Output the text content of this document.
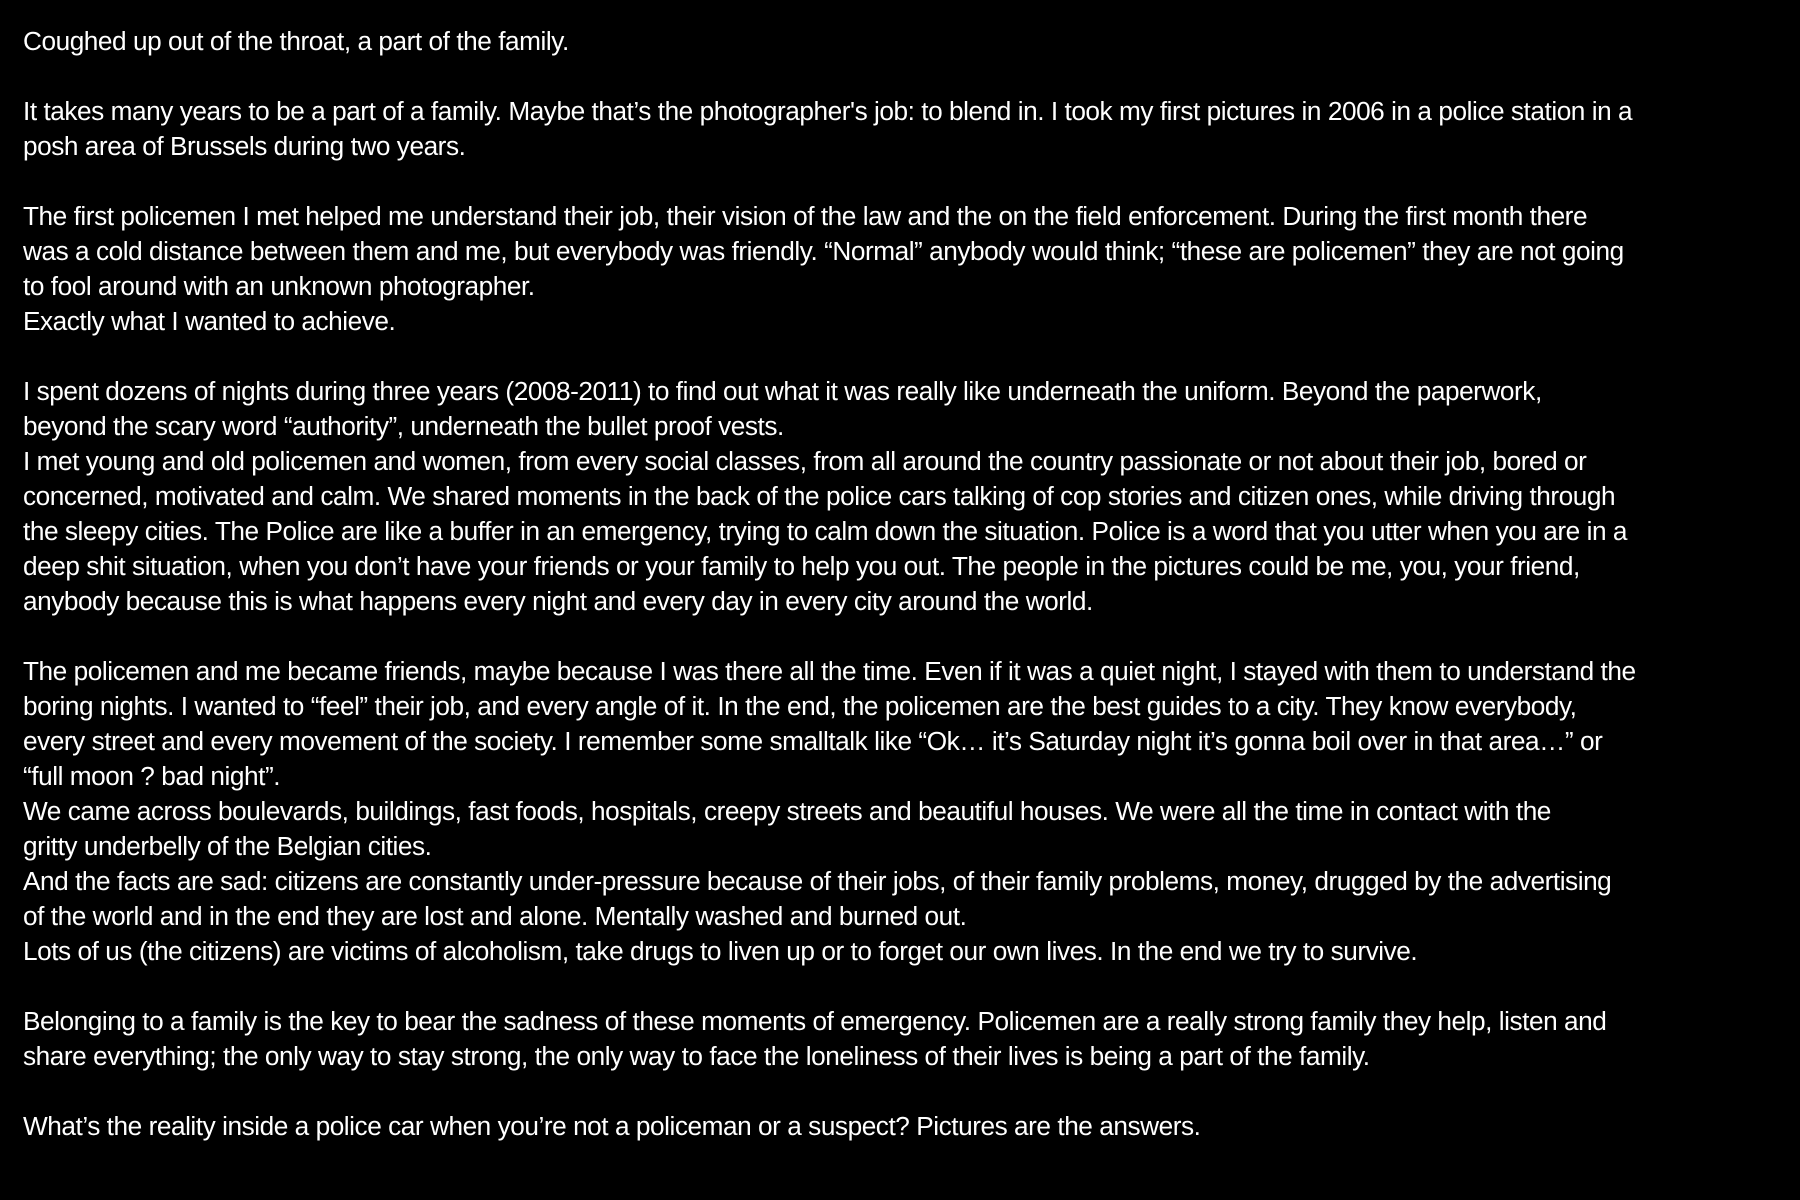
Coughed up out of the throat, a part of the family.

It takes many years to be a part of a family. Maybe that’s the photographer's job: to blend in. I took my first pictures in 2006 in a police station in a
posh area of Brussels during two years.

The first policemen I met helped me understand their job, their vision of the law and the on the field enforcement. During the first month there
was a cold distance between them and me, but everybody was friendly. “Normal” anybody would think; “these are policemen” they are not going
to fool around with an unknown photographer.
Exactly what I wanted to achieve.

I spent dozens of nights during three years (2008-2011) to find out what it was really like underneath the uniform. Beyond the paperwork,
beyond the scary word “authority”, underneath the bullet proof vests.
I met young and old policemen and women, from every social classes, from all around the country passionate or not about their job, bored or
concerned, motivated and calm. We shared moments in the back of the police cars talking of cop stories and citizen ones, while driving through
the sleepy cities. The Police are like a buffer in an emergency, trying to calm down the situation. Police is a word that you utter when you are in a
deep shit situation, when you don’t have your friends or your family to help you out. The people in the pictures could be me, you, your friend,
anybody because this is what happens every night and every day in every city around the world.

The policemen and me became friends, maybe because I was there all the time. Even if it was a quiet night, I stayed with them to understand the
boring nights. I wanted to “feel” their job, and every angle of it. In the end, the policemen are the best guides to a city. They know everybody,
every street and every movement of the society. I remember some smalltalk like “Ok… it’s Saturday night it’s gonna boil over in that area…” or
“full moon ? bad night”.
We came across boulevards, buildings, fast foods, hospitals, creepy streets and beautiful houses. We were all the time in contact with the
gritty underbelly of the Belgian cities.
And the facts are sad: citizens are constantly under-pressure because of their jobs, of their family problems, money, drugged by the advertising
of the world and in the end they are lost and alone. Mentally washed and burned out.
Lots of us (the citizens) are victims of alcoholism, take drugs to liven up or to forget our own lives. In the end we try to survive.

Belonging to a family is the key to bear the sadness of these moments of emergency. Policemen are a really strong family they help, listen and
share everything; the only way to stay strong, the only way to face the loneliness of their lives is being a part of the family.

What’s the reality inside a police car when you’re not a policeman or a suspect? Pictures are the answers.
